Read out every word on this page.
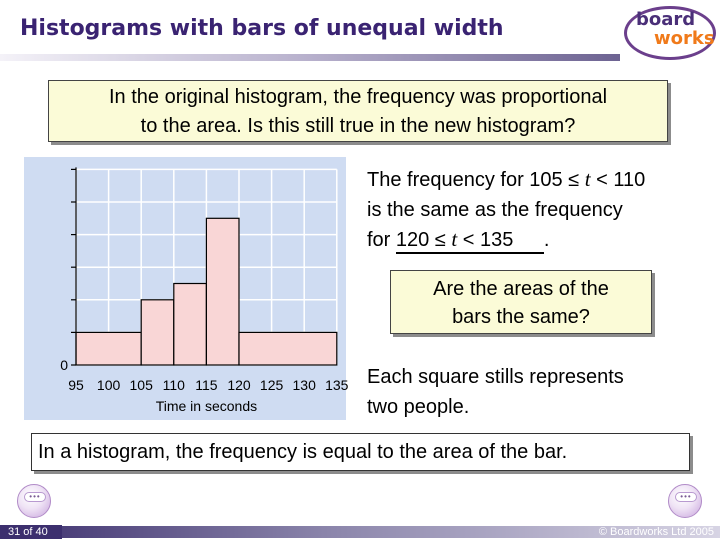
Histograms with bars of unequal width	board
works
In the original histogram, the frequency was proportional
to the area. Is this still true in the new histogram?
0
95 100 105 110 115 120 125 130 135
Time in seconds
The frequency for 105 ≤ t < 110
is the same as the frequency
for 120 ≤ t < 135 .
Are the areas of the
bars the same?
Each square stills represents
two people.
In a histogram, the frequency is equal to the area of the bar.
•••	•••
31 of 40	© Boardworks Ltd 2005
